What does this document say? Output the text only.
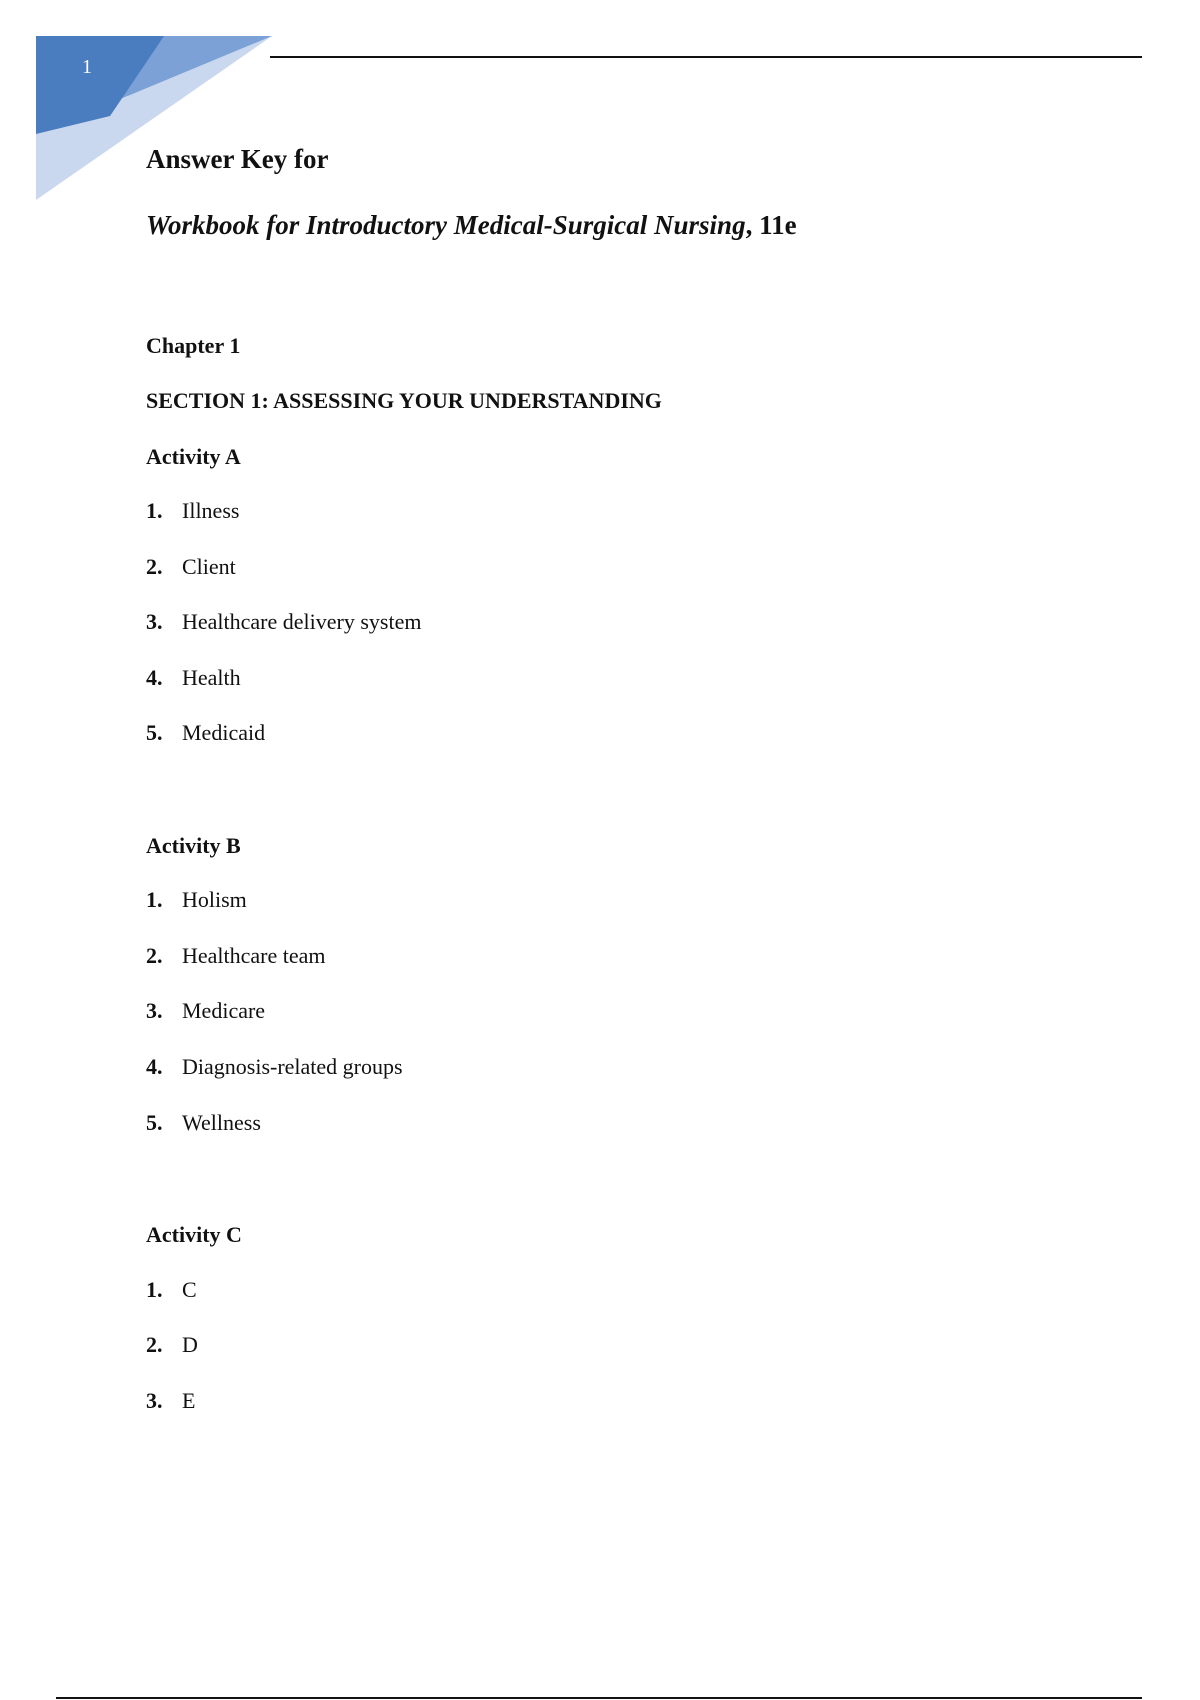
1
Answer Key for
Workbook for Introductory Medical-Surgical Nursing, 11e
Chapter 1
SECTION 1: ASSESSING YOUR UNDERSTANDING
Activity A
1. Illness
2. Client
3. Healthcare delivery system
4. Health
5. Medicaid
Activity B
1. Holism
2. Healthcare team
3. Medicare
4. Diagnosis-related groups
5. Wellness
Activity C
1. C
2. D
3. E
